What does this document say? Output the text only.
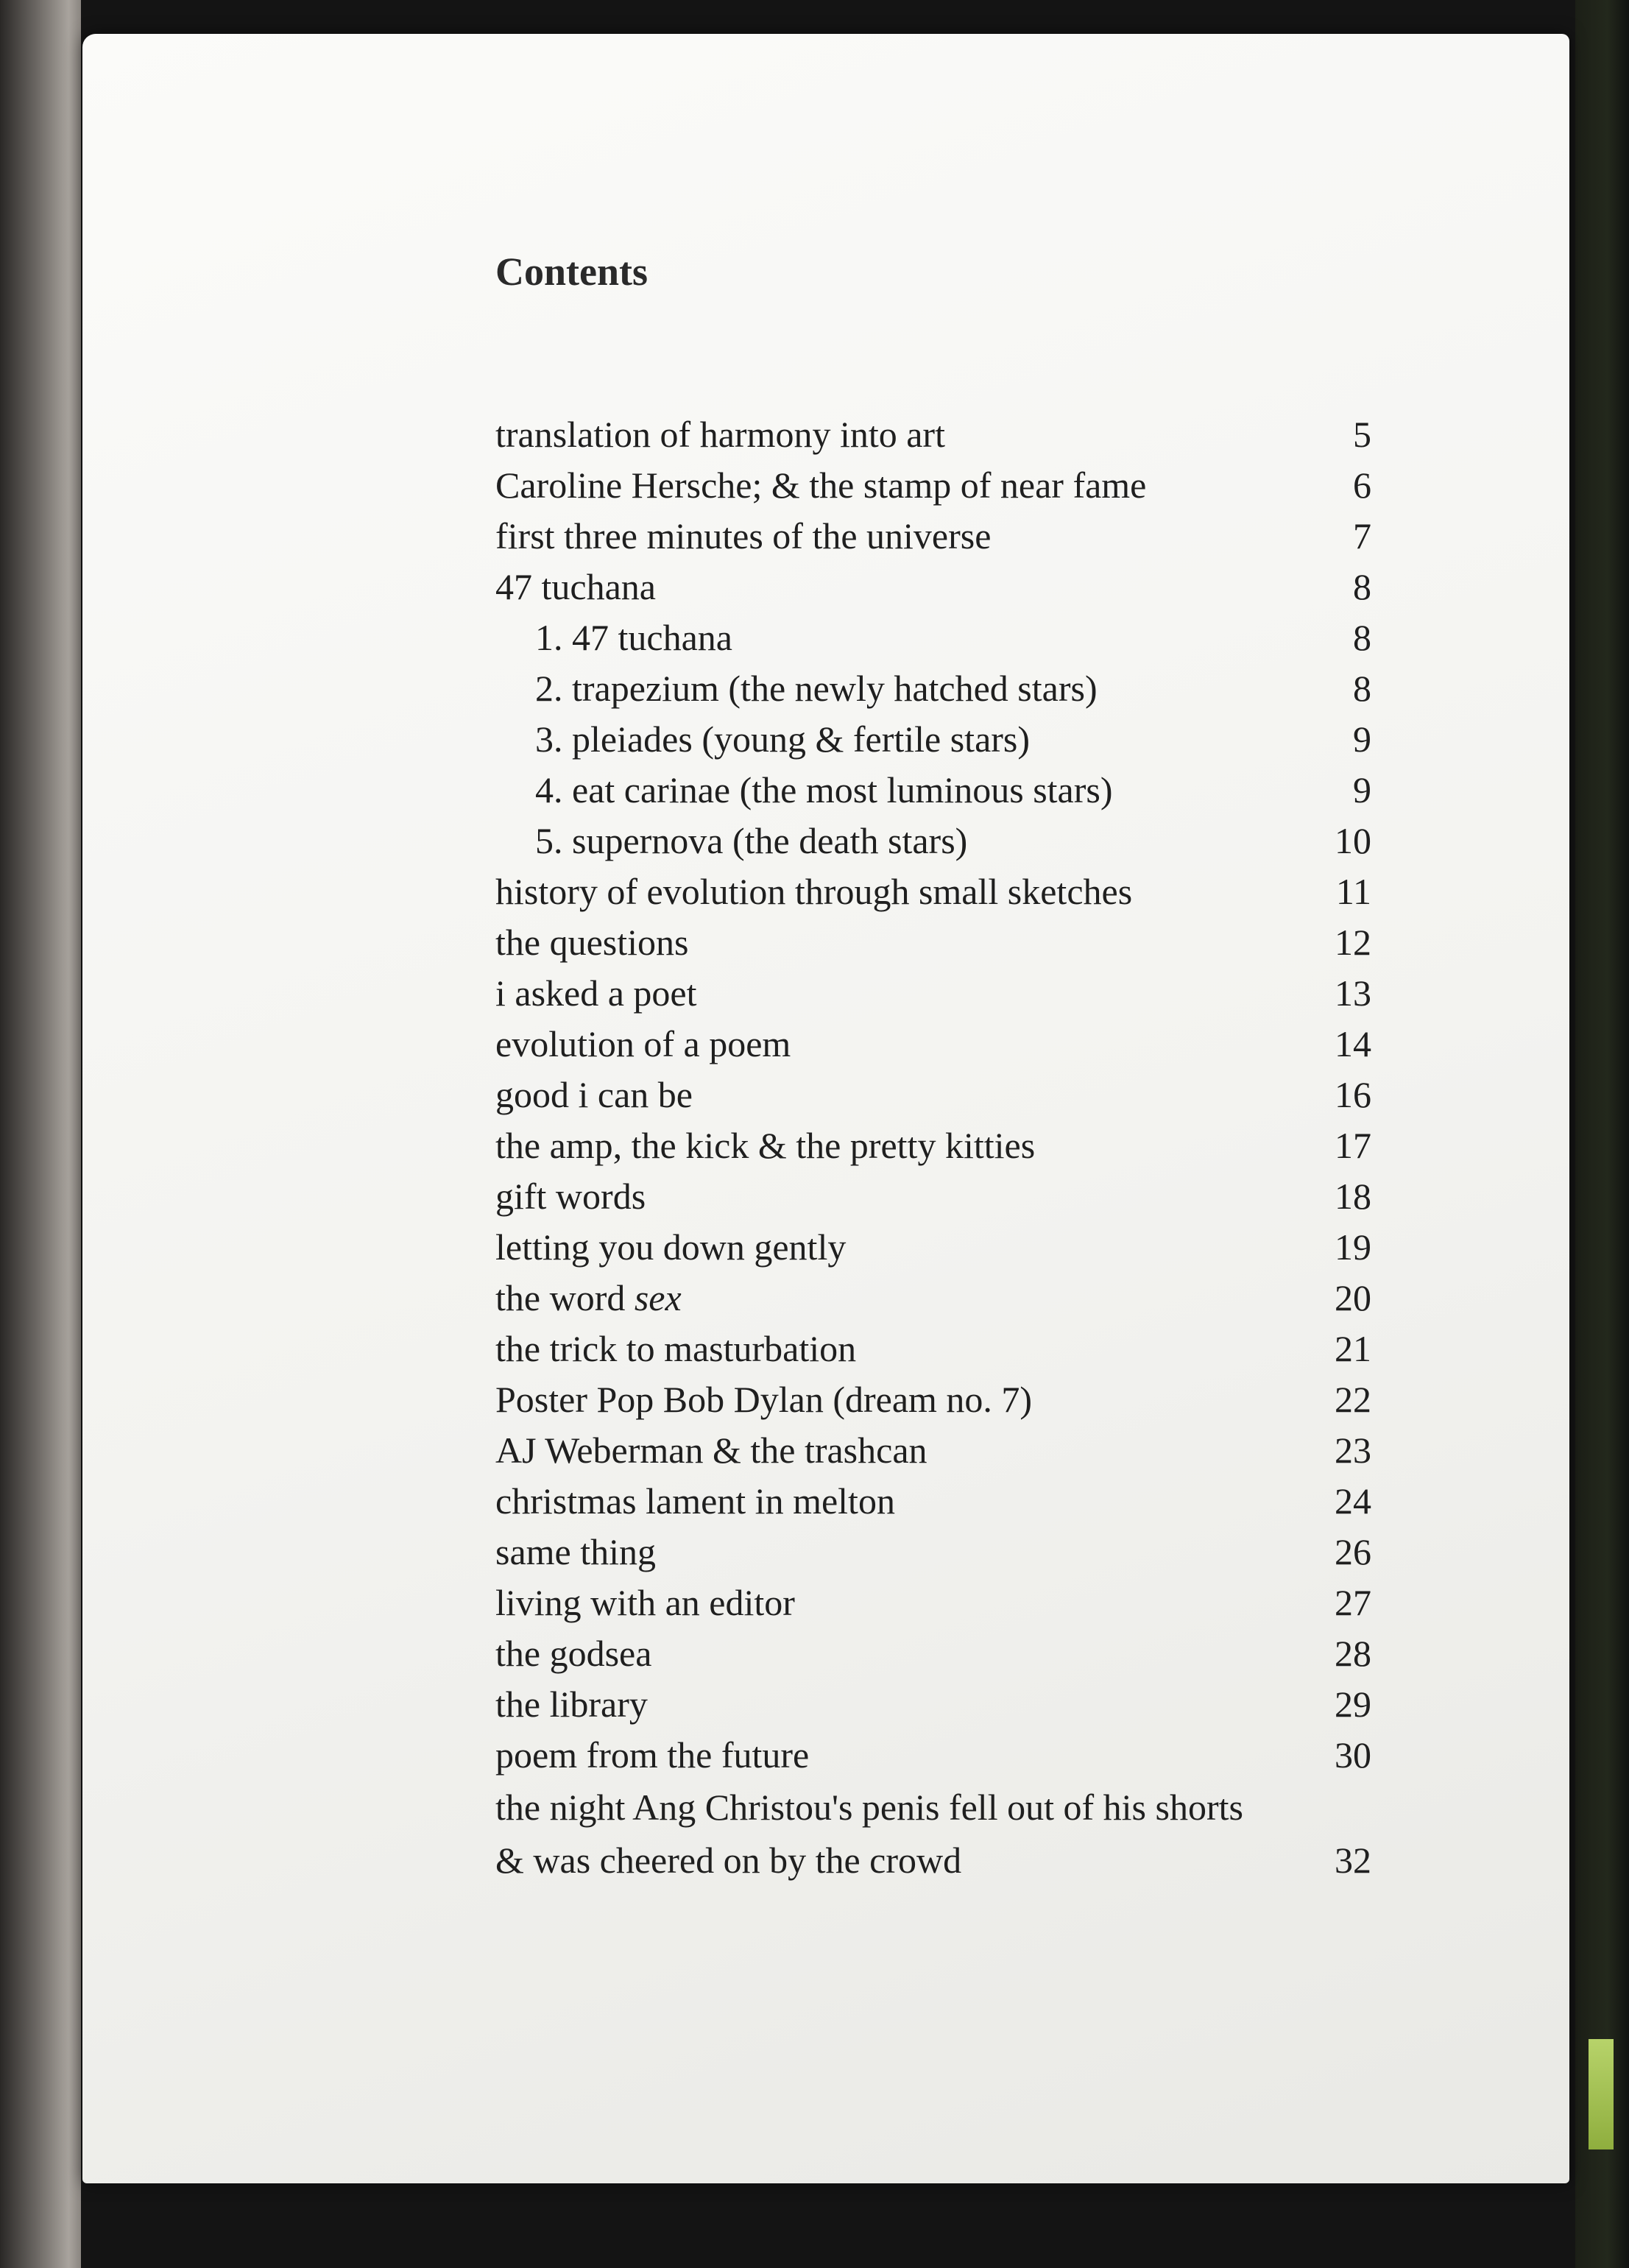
Contents
translation of harmony into art	5
Caroline Hersche; & the stamp of near fame	6
first three minutes of the universe	7
47 tuchana	8
1. 47 tuchana	8
2. trapezium (the newly hatched stars)	8
3. pleiades (young & fertile stars)	9
4. eat carinae (the most luminous stars)	9
5. supernova (the death stars)	10
history of evolution through small sketches	11
the questions	12
i asked a poet	13
evolution of a poem	14
good i can be	16
the amp, the kick & the pretty kitties	17
gift words	18
letting you down gently	19
the word sex	20
the trick to masturbation	21
Poster Pop Bob Dylan (dream no. 7)	22
AJ Weberman & the trashcan	23
christmas lament in melton	24
same thing	26
living with an editor	27
the godsea	28
the library	29
poem from the future	30
the night Ang Christou's penis fell out of his shorts
& was cheered on by the crowd	32
